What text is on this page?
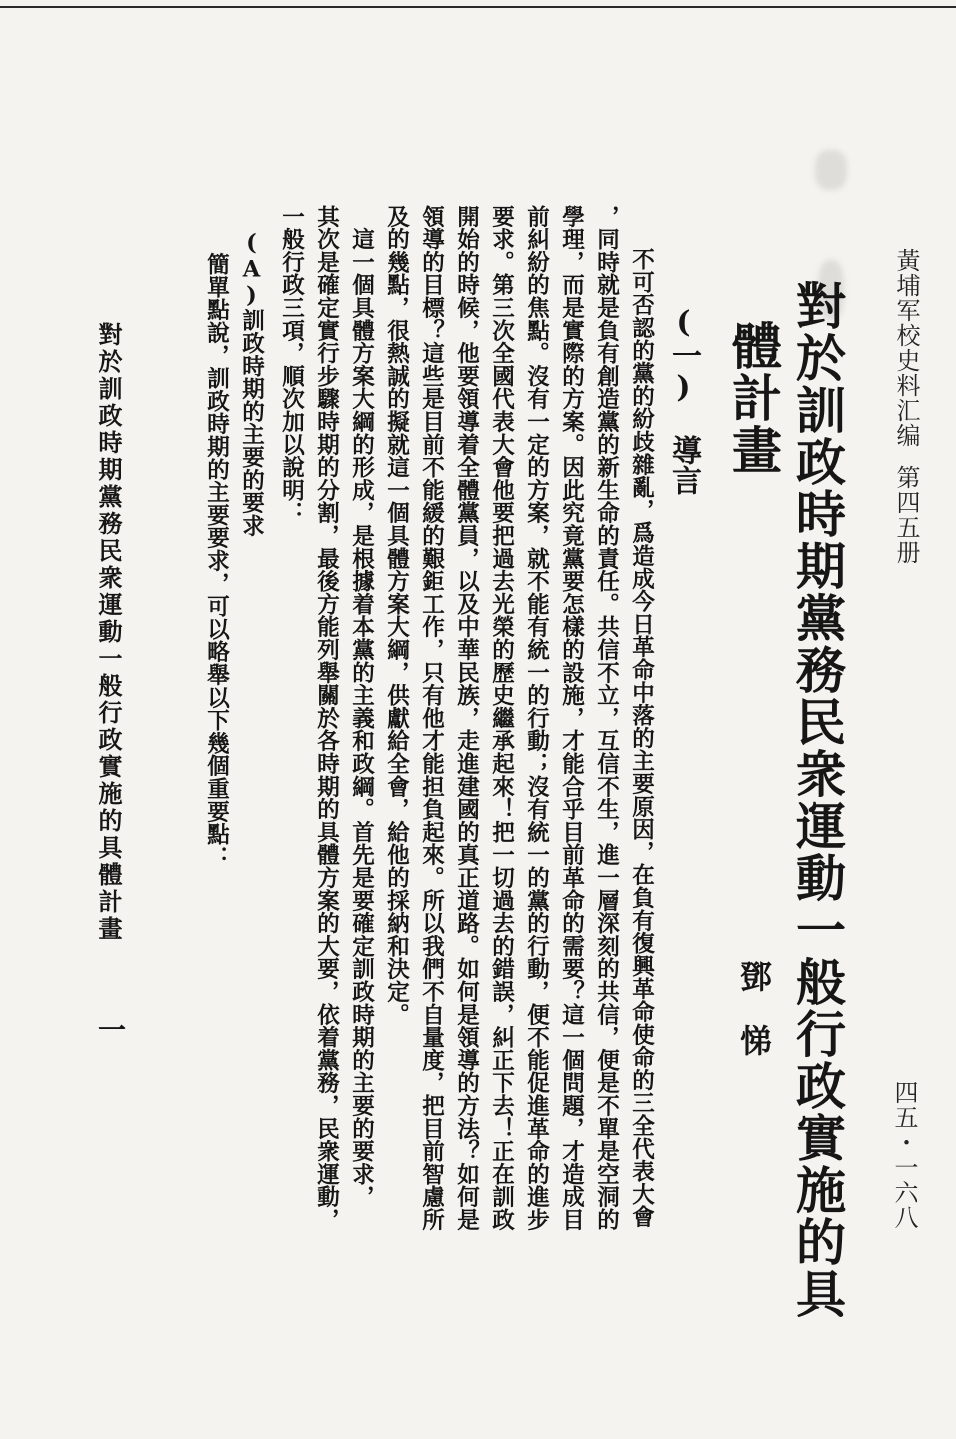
黃埔军校史料汇编
第四五册
四五・一六八
對於訓政時期黨務民衆運動一般行政實施的具
體計畫
鄧　悌
(一)　導言
　不可否認的黨的紛歧雜亂，爲造成今日革命中落的主要原因，在負有復興革命使命的三全代表大會
，同時就是負有創造黨的新生命的責任。共信不立，互信不生，進一層深刻的共信，便是不單是空洞的
學理，而是實際的方案。因此究竟黨要怎樣的設施，才能合乎目前革命的需要？這一個問題，才造成目
前糾紛的焦點。沒有一定的方案，就不能有統一的行動；沒有統一的黨的行動，便不能促進革命的進步
要求。第三次全國代表大會他要把過去光榮的歷史繼承起來！把一切過去的錯誤，糾正下去！正在訓政
開始的時候，他要領導着全體黨員，以及中華民族，走進建國的真正道路。如何是領導的方法？如何是
領導的目標？這些是目前不能緩的艱鉅工作，只有他才能担負起來。所以我們不自量度，把目前智慮所
及的幾點，很熱誠的擬就這一個具體方案大綱，供獻給全會，給他的採納和決定。
　這一個具體方案大綱的形成，是根據着本黨的主義和政綱。首先是要確定訓政時期的主要的要求，
其次是確定實行步驟時期的分割，最後方能列舉關於各時期的具體方案的大要，依着黨務，民衆運動，
一般行政三項，順次加以說明：
(A)訓政時期的主要的要求
　簡單點說，訓政時期的主要要求，可以略舉以下幾個重要點：
對於訓政時期黨務民衆運動一般行政實施的具體計畫
一
